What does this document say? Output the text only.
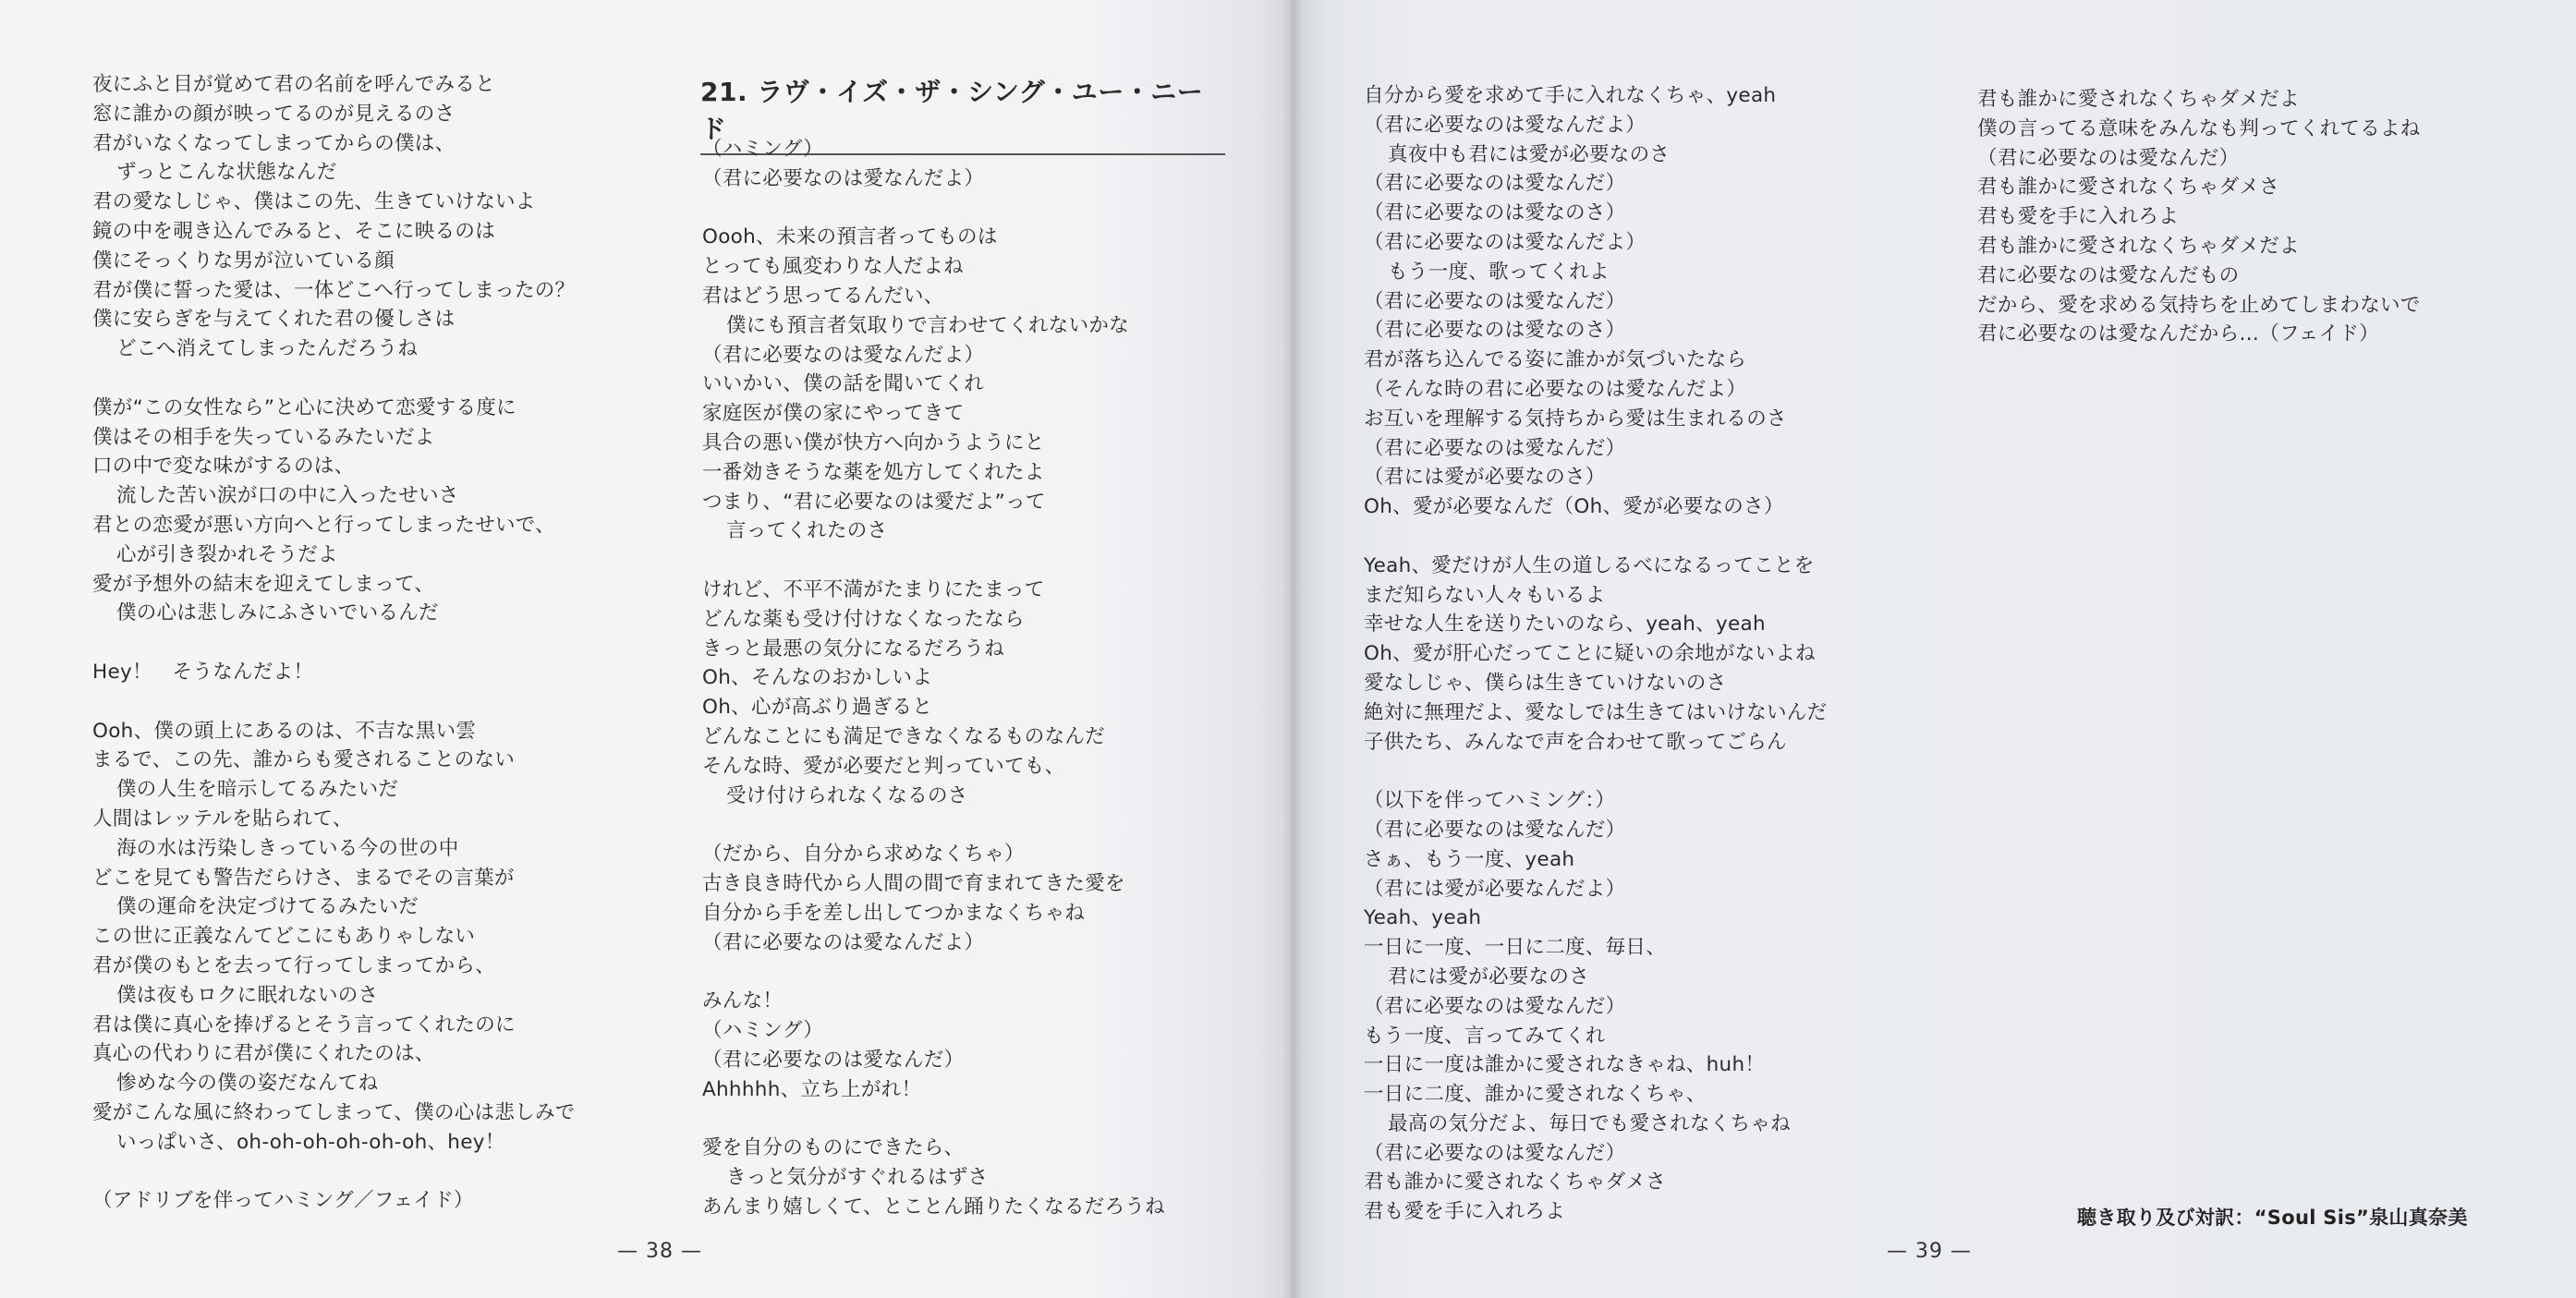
夜にふと目が覚めて君の名前を呼んでみると
窓に誰かの顔が映ってるのが見えるのさ
君がいなくなってしまってからの僕は、
ずっとこんな状態なんだ
君の愛なしじゃ、僕はこの先、生きていけないよ
鏡の中を覗き込んでみると、そこに映るのは
僕にそっくりな男が泣いている顔
君が僕に誓った愛は、一体どこへ行ってしまったの？
僕に安らぎを与えてくれた君の優しさは
どこへ消えてしまったんだろうね
僕が“この女性なら”と心に決めて恋愛する度に
僕はその相手を失っているみたいだよ
口の中で変な味がするのは、
流した苦い涙が口の中に入ったせいさ
君との恋愛が悪い方向へと行ってしまったせいで、
心が引き裂かれそうだよ
愛が予想外の結末を迎えてしまって、
僕の心は悲しみにふさいでいるんだ
Hey！　そうなんだよ！
Ooh、僕の頭上にあるのは、不吉な黒い雲
まるで、この先、誰からも愛されることのない
僕の人生を暗示してるみたいだ
人間はレッテルを貼られて、
海の水は汚染しきっている今の世の中
どこを見ても警告だらけさ、まるでその言葉が
僕の運命を決定づけてるみたいだ
この世に正義なんてどこにもありゃしない
君が僕のもとを去って行ってしまってから、
僕は夜もロクに眠れないのさ
君は僕に真心を捧げるとそう言ってくれたのに
真心の代わりに君が僕にくれたのは、
惨めな今の僕の姿だなんてね
愛がこんな風に終わってしまって、僕の心は悲しみで
いっぱいさ、oh-oh-oh-oh-oh-oh、hey！
（アドリブを伴ってハミング／フェイド）
21. ラヴ・イズ・ザ・シング・ユー・ニード
（ハミング）
（君に必要なのは愛なんだよ）
Oooh、未来の預言者ってものは
とっても風変わりな人だよね
君はどう思ってるんだい、
僕にも預言者気取りで言わせてくれないかな
（君に必要なのは愛なんだよ）
いいかい、僕の話を聞いてくれ
家庭医が僕の家にやってきて
具合の悪い僕が快方へ向かうようにと
一番効きそうな薬を処方してくれたよ
つまり、“君に必要なのは愛だよ”って
言ってくれたのさ
けれど、不平不満がたまりにたまって
どんな薬も受け付けなくなったなら
きっと最悪の気分になるだろうね
Oh、そんなのおかしいよ
Oh、心が高ぶり過ぎると
どんなことにも満足できなくなるものなんだ
そんな時、愛が必要だと判っていても、
受け付けられなくなるのさ
（だから、自分から求めなくちゃ）
古き良き時代から人間の間で育まれてきた愛を
自分から手を差し出してつかまなくちゃね
（君に必要なのは愛なんだよ）
みんな！
（ハミング）
（君に必要なのは愛なんだ）
Ahhhhh、立ち上がれ！
愛を自分のものにできたら、
きっと気分がすぐれるはずさ
あんまり嬉しくて、とことん踊りたくなるだろうね
— 38 —
自分から愛を求めて手に入れなくちゃ、yeah
（君に必要なのは愛なんだよ）
真夜中も君には愛が必要なのさ
（君に必要なのは愛なんだ）
（君に必要なのは愛なのさ）
（君に必要なのは愛なんだよ）
もう一度、歌ってくれよ
（君に必要なのは愛なんだ）
（君に必要なのは愛なのさ）
君が落ち込んでる姿に誰かが気づいたなら
（そんな時の君に必要なのは愛なんだよ）
お互いを理解する気持ちから愛は生まれるのさ
（君に必要なのは愛なんだ）
（君には愛が必要なのさ）
Oh、愛が必要なんだ（Oh、愛が必要なのさ）
Yeah、愛だけが人生の道しるべになるってことを
まだ知らない人々もいるよ
幸せな人生を送りたいのなら、yeah、yeah
Oh、愛が肝心だってことに疑いの余地がないよね
愛なしじゃ、僕らは生きていけないのさ
絶対に無理だよ、愛なしでは生きてはいけないんだ
子供たち、みんなで声を合わせて歌ってごらん
（以下を伴ってハミング：）
（君に必要なのは愛なんだ）
さぁ、もう一度、yeah
（君には愛が必要なんだよ）
Yeah、yeah
一日に一度、一日に二度、毎日、
君には愛が必要なのさ
（君に必要なのは愛なんだ）
もう一度、言ってみてくれ
一日に一度は誰かに愛されなきゃね、huh！
一日に二度、誰かに愛されなくちゃ、
最高の気分だよ、毎日でも愛されなくちゃね
（君に必要なのは愛なんだ）
君も誰かに愛されなくちゃダメさ
君も愛を手に入れろよ
君も誰かに愛されなくちゃダメだよ
僕の言ってる意味をみんなも判ってくれてるよね
（君に必要なのは愛なんだ）
君も誰かに愛されなくちゃダメさ
君も愛を手に入れろよ
君も誰かに愛されなくちゃダメだよ
君に必要なのは愛なんだもの
だから、愛を求める気持ちを止めてしまわないで
君に必要なのは愛なんだから…（フェイド）
聴き取り及び対訳：“Soul Sis”泉山真奈美
— 39 —
